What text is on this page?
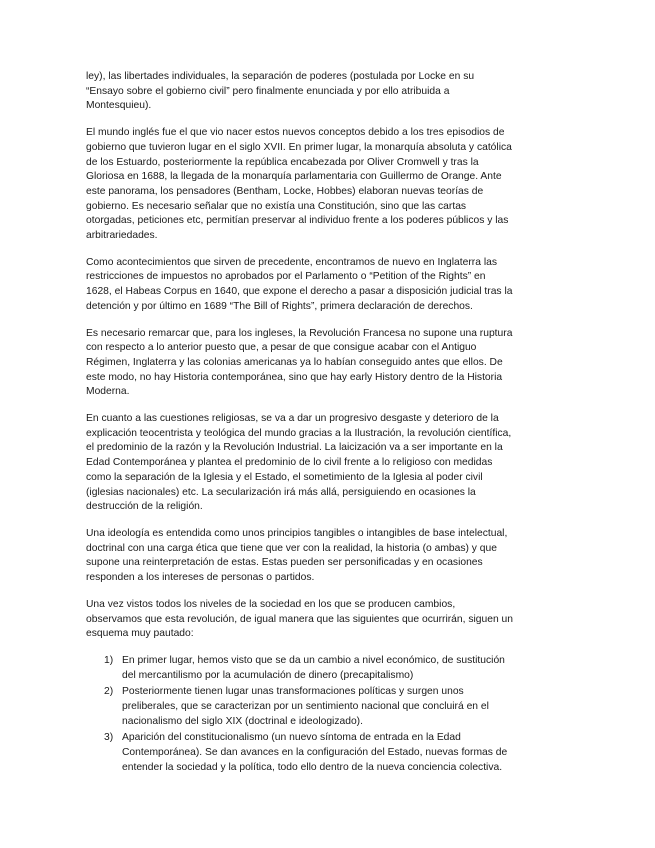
ley), las libertades individuales, la separación de poderes (postulada por Locke en su “Ensayo sobre el gobierno civil” pero finalmente enunciada y por ello atribuida a Montesquieu).

El mundo inglés fue el que vio nacer estos nuevos conceptos debido a los tres episodios de gobierno que tuvieron lugar en el siglo XVII. En primer lugar, la monarquía absoluta y católica de los Estuardo, posteriormente la república encabezada por Oliver Cromwell y tras la Gloriosa en 1688, la llegada de la monarquía parlamentaria con Guillermo de Orange. Ante este panorama, los pensadores (Bentham, Locke, Hobbes) elaboran nuevas teorías de gobierno. Es necesario señalar que no existía una Constitución, sino que las cartas otorgadas, peticiones etc, permitían preservar al individuo frente a los poderes públicos y las arbitrariedades.

Como acontecimientos que sirven de precedente, encontramos de nuevo en Inglaterra las restricciones de impuestos no aprobados por el Parlamento o “Petition of the Rights” en 1628, el Habeas Corpus en 1640, que expone el derecho a pasar a disposición judicial tras la detención y por último en 1689 “The Bill of Rights”, primera declaración de derechos.

Es necesario remarcar que, para los ingleses, la Revolución Francesa no supone una ruptura con respecto a lo anterior puesto que, a pesar de que consigue acabar con el Antiguo Régimen, Inglaterra y las colonias americanas ya lo habían conseguido antes que ellos. De este modo, no hay Historia contemporánea, sino que hay early History dentro de la Historia Moderna.

En cuanto a las cuestiones religiosas, se va a dar un progresivo desgaste y deterioro de la explicación teocentrista y teológica del mundo gracias a la Ilustración, la revolución científica, el predominio de la razón y la Revolución Industrial. La laicización va a ser importante en la Edad Contemporánea y plantea el predominio de lo civil frente a lo religioso con medidas como la separación de la Iglesia y el Estado, el sometimiento de la Iglesia al poder civil (iglesias nacionales) etc. La secularización irá más allá, persiguiendo en ocasiones la destrucción de la religión.

Una ideología es entendida como unos principios tangibles o intangibles de base intelectual, doctrinal con una carga ética que tiene que ver con la realidad, la historia (o ambas) y que supone una reinterpretación de estas. Estas pueden ser personificadas y en ocasiones responden a los intereses de personas o partidos.

Una vez vistos todos los niveles de la sociedad en los que se producen cambios, observamos que esta revolución, de igual manera que las siguientes que ocurrirán, siguen un esquema muy pautado:

1) En primer lugar, hemos visto que se da un cambio a nivel económico, de sustitución del mercantilismo por la acumulación de dinero (precapitalismo)
2) Posteriormente tienen lugar unas transformaciones políticas y surgen unos preliberales, que se caracterizan por un sentimiento nacional que concluirá en el nacionalismo del siglo XIX (doctrinal e ideologizado).
3) Aparición del constitucionalismo (un nuevo síntoma de entrada en la Edad Contemporánea). Se dan avances en la configuración del Estado, nuevas formas de entender la sociedad y la política, todo ello dentro de la nueva conciencia colectiva.
